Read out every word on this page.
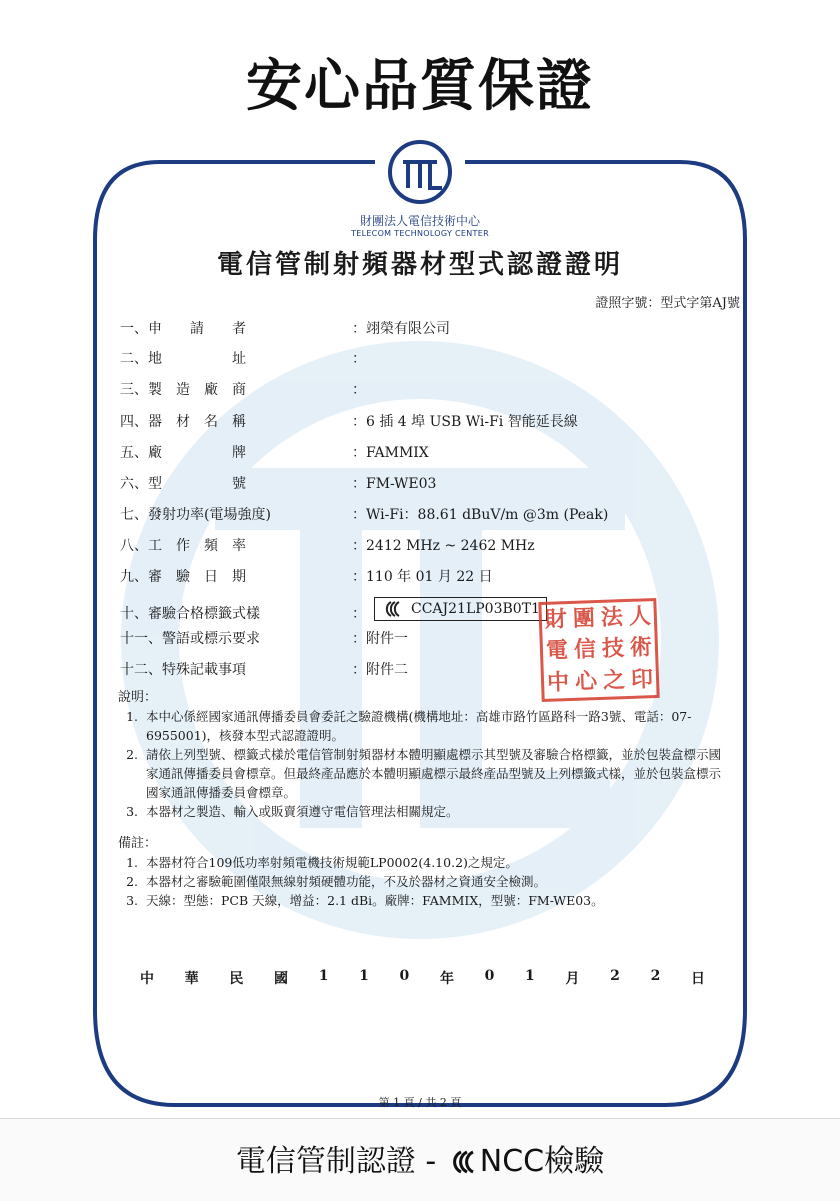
安心品質保證
財團法人電信技術中心
TELECOM TECHNOLOGY CENTER
電信管制射頻器材型式認證證明
證照字號：型式字第AJ號
一、申　　請　　者	：翊榮有限公司
二、地　　　　　址	：
三、製　造　廠　商	：
四、器　材　名　稱	：6 插 4 埠 USB Wi-Fi 智能延長線
五、廠　　　　　牌	：FAMMIX
六、型　　　　　號	：FM-WE03
七、發射功率(電場強度)	：Wi-Fi：88.61 dBuV/m @3m (Peak)
八、工　作　頻　率	：2412 MHz ~ 2462 MHz
九、審　驗　日　期	：110 年 01 月 22 日
十、審驗合格標籤式樣	：	CCAJ21LP03B0T1
十一、警語或標示要求	：附件一
十二、特殊記載事項	：附件二
財 團 法 人
電 信 技 術
中 心 之 印
說明：
1. 本中心係經國家通訊傳播委員會委託之驗證機構(機構地址：高雄市路竹區路科一路3號、電話：07-6955001)，核發本型式認證證明。
2. 請依上列型號、標籤式樣於電信管制射頻器材本體明顯處標示其型號及審驗合格標籤，並於包裝盒標示國家通訊傳播委員會標章。但最終產品應於本體明顯處標示最終產品型號及上列標籤式樣，並於包裝盒標示國家通訊傳播委員會標章。
3. 本器材之製造、輸入或販賣須遵守電信管理法相關規定。
備註：
1. 本器材符合109低功率射頻電機技術規範LP0002(4.10.2)之規定。
2. 本器材之審驗範圍僅限無線射頻硬體功能，不及於器材之資通安全檢測。
3. 天線：型態：PCB 天線，增益：2.1 dBi。廠牌：FAMMIX，型號：FM-WE03。
中 華 民 國 1 1 0 年 0 1 月 2 2 日
第 1 頁 / 共 2 頁
電信管制認證 - NCC檢驗
